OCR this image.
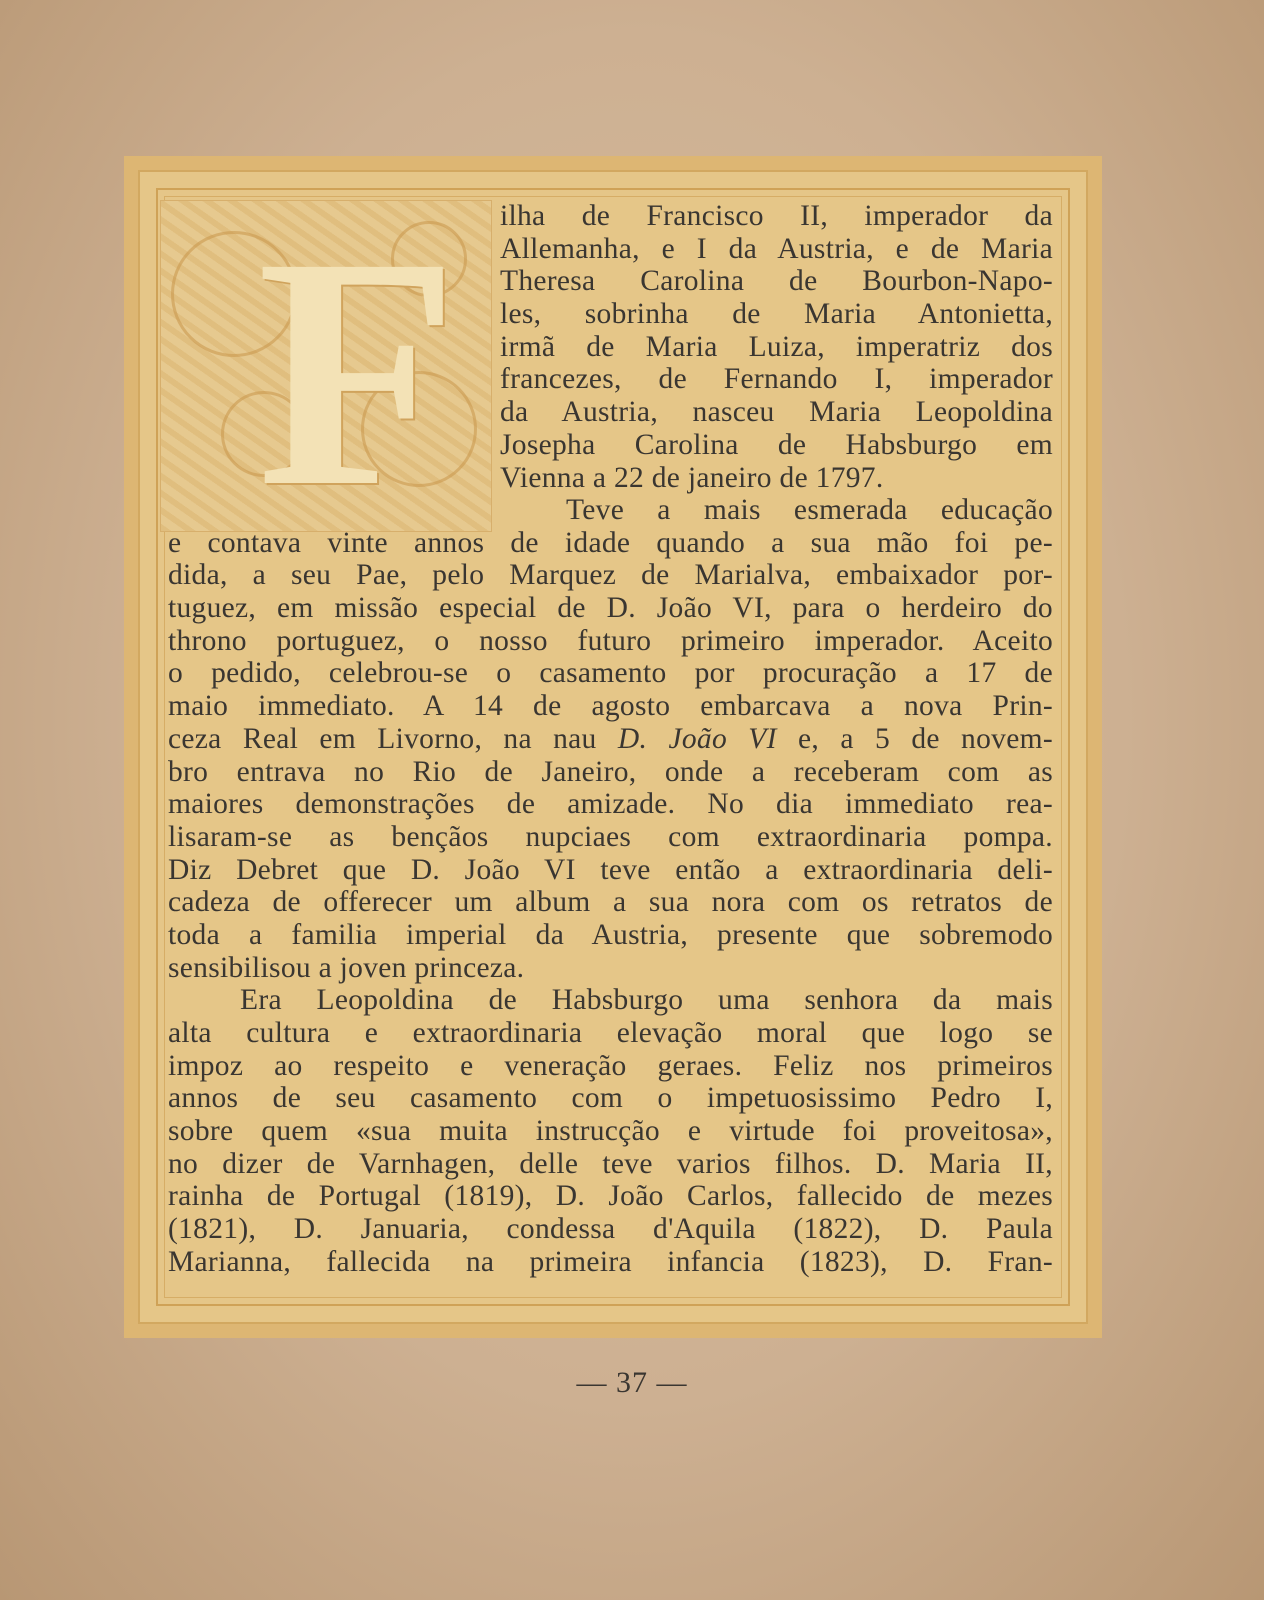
F ilha de Francisco II, imperador da
Allemanha, e I da Austria, e de Maria
Theresa Carolina de Bourbon-Napo-
les, sobrinha de Maria Antonietta,
irmã de Maria Luiza, imperatriz dos
francezes, de Fernando I, imperador
da Austria, nasceu Maria Leopoldina
Josepha Carolina de Habsburgo em
Vienna a 22 de janeiro de 1797.
Teve a mais esmerada educação
e contava vinte annos de idade quando a sua mão foi pe-
dida, a seu Pae, pelo Marquez de Marialva, embaixador por-
tuguez, em missão especial de D. João VI, para o herdeiro do
throno portuguez, o nosso futuro primeiro imperador. Aceito
o pedido, celebrou-se o casamento por procuração a 17 de
maio immediato. A 14 de agosto embarcava a nova Prin-
ceza Real em Livorno, na nau D. João VI e, a 5 de novem-
bro entrava no Rio de Janeiro, onde a receberam com as
maiores demonstrações de amizade. No dia immediato rea-
lisaram-se as bençãos nupciaes com extraordinaria pompa.
Diz Debret que D. João VI teve então a extraordinaria deli-
cadeza de offerecer um album a sua nora com os retratos de
toda a familia imperial da Austria, presente que sobremodo
sensibilisou a joven princeza.
Era Leopoldina de Habsburgo uma senhora da mais
alta cultura e extraordinaria elevação moral que logo se
impoz ao respeito e veneração geraes. Feliz nos primeiros
annos de seu casamento com o impetuosissimo Pedro I,
sobre quem «sua muita instrucção e virtude foi proveitosa»,
no dizer de Varnhagen, delle teve varios filhos. D. Maria II,
rainha de Portugal (1819), D. João Carlos, fallecido de mezes
(1821), D. Januaria, condessa d'Aquila (1822), D. Paula
Marianna, fallecida na primeira infancia (1823), D. Fran-
— 37 —
